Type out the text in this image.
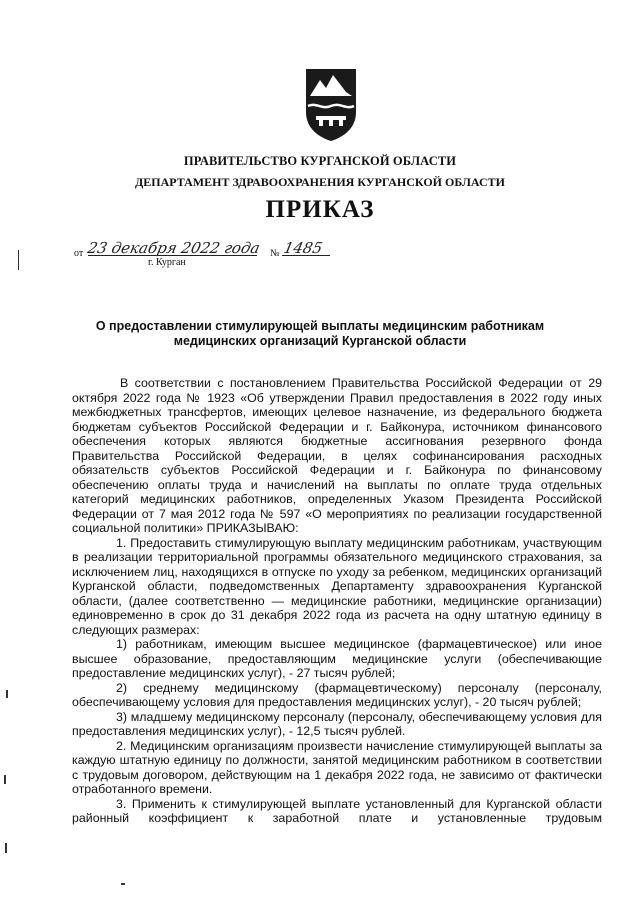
ПРАВИТЕЛЬСТВО КУРГАНСКОЙ ОБЛАСТИ
ДЕПАРТАМЕНТ ЗДРАВООХРАНЕНИЯ КУРГАНСКОЙ ОБЛАСТИ
ПРИКАЗ
от 23 декабря 2022 года № 1485
г. Курган
О предоставлении стимулирующей выплаты медицинским работникам
медицинских организаций Курганской области

В соответствии с постановлением Правительства Российской Федерации от 29 октября 2022 года № 1923 «Об утверждении Правил предоставления в 2022 году иных межбюджетных трансфертов, имеющих целевое назначение, из федерального бюджета бюджетам субъектов Российской Федерации и г. Байконура, источником финансового обеспечения которых являются бюджетные ассигнования резервного фонда Правительства Российской Федерации, в целях софинансирования расходных обязательств субъектов Российской Федерации и г. Байконура по финансовому обеспечению оплаты труда и начислений на выплаты по оплате труда отдельных категорий медицинских работников, определенных Указом Президента Российской Федерации от 7 мая 2012 года № 597 «О мероприятиях по реализации государственной социальной политики» ПРИКАЗЫВАЮ:

1. Предоставить стимулирующую выплату медицинским работникам, участвующим в реализации территориальной программы обязательного медицинского страхования, за исключением лиц, находящихся в отпуске по уходу за ребенком, медицинских организаций Курганской области, подведомственных Департаменту здравоохранения Курганской области, (далее соответственно — медицинские работники, медицинские организации) единовременно в срок до 31 декабря 2022 года из расчета на одну штатную единицу в следующих размерах:

1) работникам, имеющим высшее медицинское (фармацевтическое) или иное высшее образование, предоставляющим медицинские услуги (обеспечивающие предоставление медицинских услуг), - 27 тысяч рублей;

2) среднему медицинскому (фармацевтическому) персоналу (персоналу, обеспечивающему условия для предоставления медицинских услуг), - 20 тысяч рублей;

3) младшему медицинскому персоналу (персоналу, обеспечивающему условия для предоставления медицинских услуг), - 12,5 тысяч рублей.

2. Медицинским организациям произвести начисление стимулирующей выплаты за каждую штатную единицу по должности, занятой медицинским работником в соответствии с трудовым договором, действующим на 1 декабря 2022 года, не зависимо от фактически отработанного времени.

3. Применить к стимулирующей выплате установленный для Курганской области районный коэффициент к заработной плате и установленные трудовым
